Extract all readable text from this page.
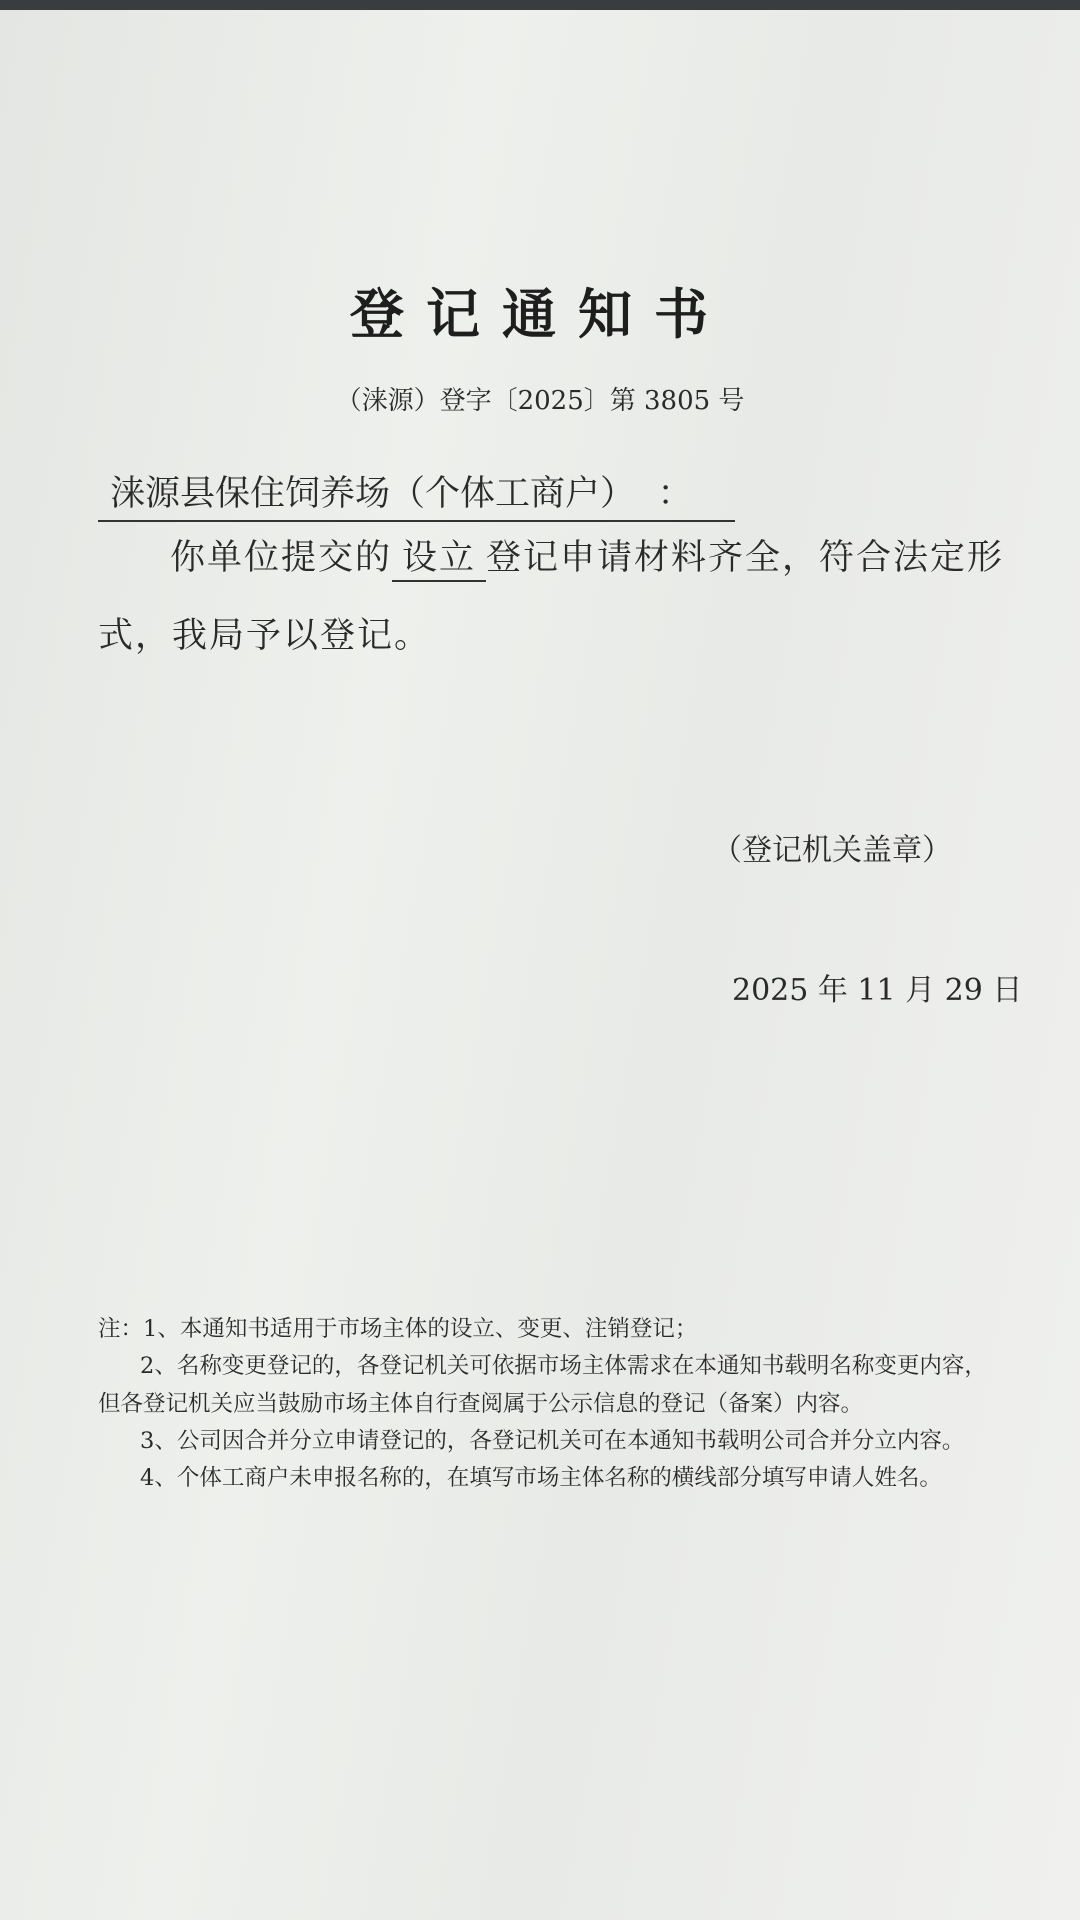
登记通知书
（涞源）登字〔2025〕第 3805 号
涞源县保住饲养场（个体工商户） ：
你单位提交的 设立 登记申请材料齐全，符合法定形
式，我局予以登记。
（登记机关盖章）
2025 年 11 月 29 日
注：1、本通知书适用于市场主体的设立、变更、注销登记；
2、名称变更登记的，各登记机关可依据市场主体需求在本通知书载明名称变更内容，
但各登记机关应当鼓励市场主体自行查阅属于公示信息的登记（备案）内容。
3、公司因合并分立申请登记的，各登记机关可在本通知书载明公司合并分立内容。
4、个体工商户未申报名称的，在填写市场主体名称的横线部分填写申请人姓名。
